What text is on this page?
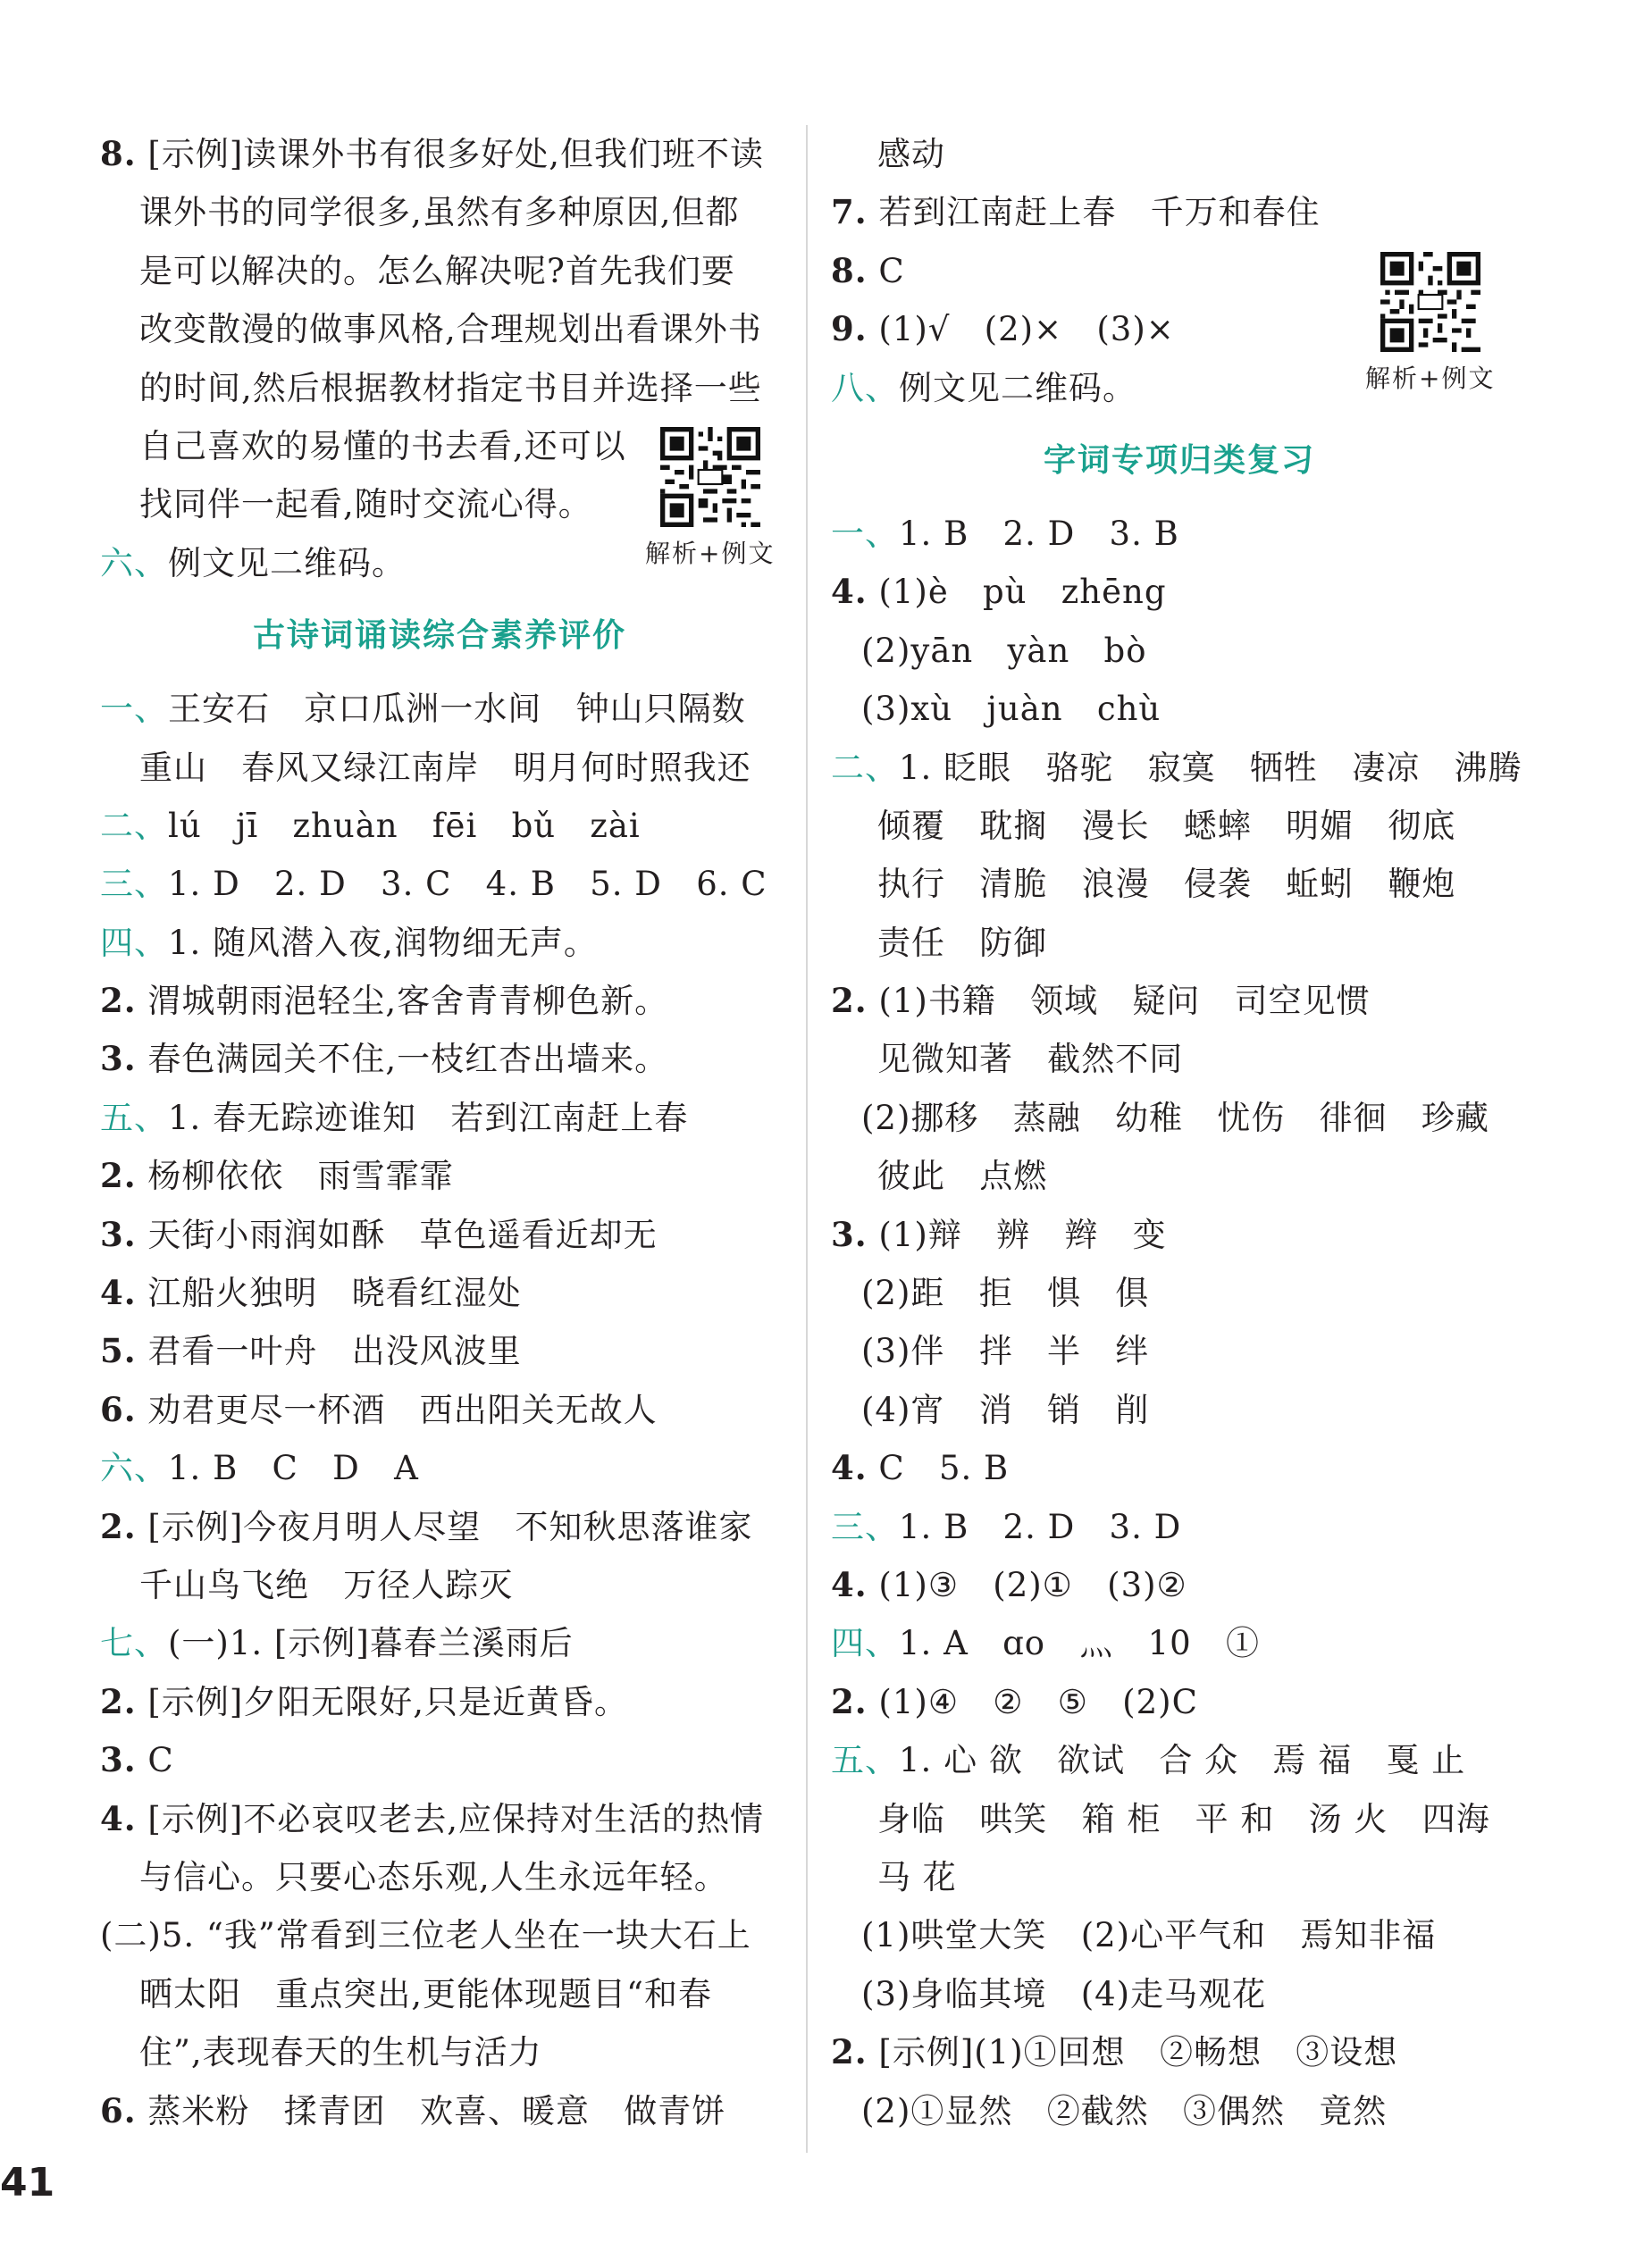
8. [示例]读课外书有很多好处,但我们班不读
课外书的同学很多,虽然有多种原因,但都
是可以解决的。怎么解决呢?首先我们要
改变散漫的做事风格,合理规划出看课外书
的时间,然后根据教材指定书目并选择一些
自己喜欢的易懂的书去看,还可以
找同伴一起看,随时交流心得。
六、例文见二维码。
古诗词诵读综合素养评价
一、王安石   京口瓜洲一水间   钟山只隔数
重山   春风又绿江南岸   明月何时照我还
二、lú   jī   zhuàn   fēi   bǔ   zài
三、1. D   2. D   3. C   4. B   5. D   6. C
四、1. 随风潜入夜,润物细无声。
2. 渭城朝雨浥轻尘,客舍青青柳色新。
3. 春色满园关不住,一枝红杏出墙来。
五、1. 春无踪迹谁知   若到江南赶上春
2. 杨柳依依   雨雪霏霏
3. 天街小雨润如酥   草色遥看近却无
4. 江船火独明   晓看红湿处
5. 君看一叶舟   出没风波里
6. 劝君更尽一杯酒   西出阳关无故人
六、1. B   C   D   A
2. [示例]今夜月明人尽望   不知秋思落谁家
千山鸟飞绝   万径人踪灭
七、(一)1. [示例]暮春兰溪雨后
2. [示例]夕阳无限好,只是近黄昏。
3. C
4. [示例]不必哀叹老去,应保持对生活的热情
与信心。只要心态乐观,人生永远年轻。
(二)5. “我”常看到三位老人坐在一块大石上
晒太阳   重点突出,更能体现题目“和春
住”,表现春天的生机与活力
6. 蒸米粉   揉青团   欢喜、暖意   做青饼
感动
7. 若到江南赶上春   千万和春住
8. C
9. (1)√   (2)×   (3)×
八、例文见二维码。
字词专项归类复习
一、1. B   2. D   3. B
4. (1)è   pù   zhēng
(2)yān   yàn   bò
(3)xù   juàn   chù
二、1. 眨眼   骆驼   寂寞   牺牲   凄凉   沸腾
倾覆   耽搁   漫长   蟋蟀   明媚   彻底
执行   清脆   浪漫   侵袭   蚯蚓   鞭炮
责任   防御
2. (1)书籍   领域   疑问   司空见惯
见微知著   截然不同
(2)挪移   蒸融   幼稚   忧伤   徘徊   珍藏
彼此   点燃
3. (1)辩   辨   辫   变
(2)距   拒   惧   俱
(3)伴   拌   半   绊
(4)宵   消   销   削
4. C   5. B
三、1. B   2. D   3. D
4. (1)③   (2)①   (3)②
四、1. A   ɑo   灬   10   ①
2. (1)④   ②   ⑤   (2)C
五、1. 心 欲   欲试   合 众   焉 福   戛 止
身临   哄笑   箱 柜   平 和   汤 火   四海
马 花
(1)哄堂大笑   (2)心平气和   焉知非福
(3)身临其境   (4)走马观花
2. [示例](1)①回想   ②畅想   ③设想
(2)①显然   ②截然   ③偶然   竟然
解析+例文
解析+例文
41
